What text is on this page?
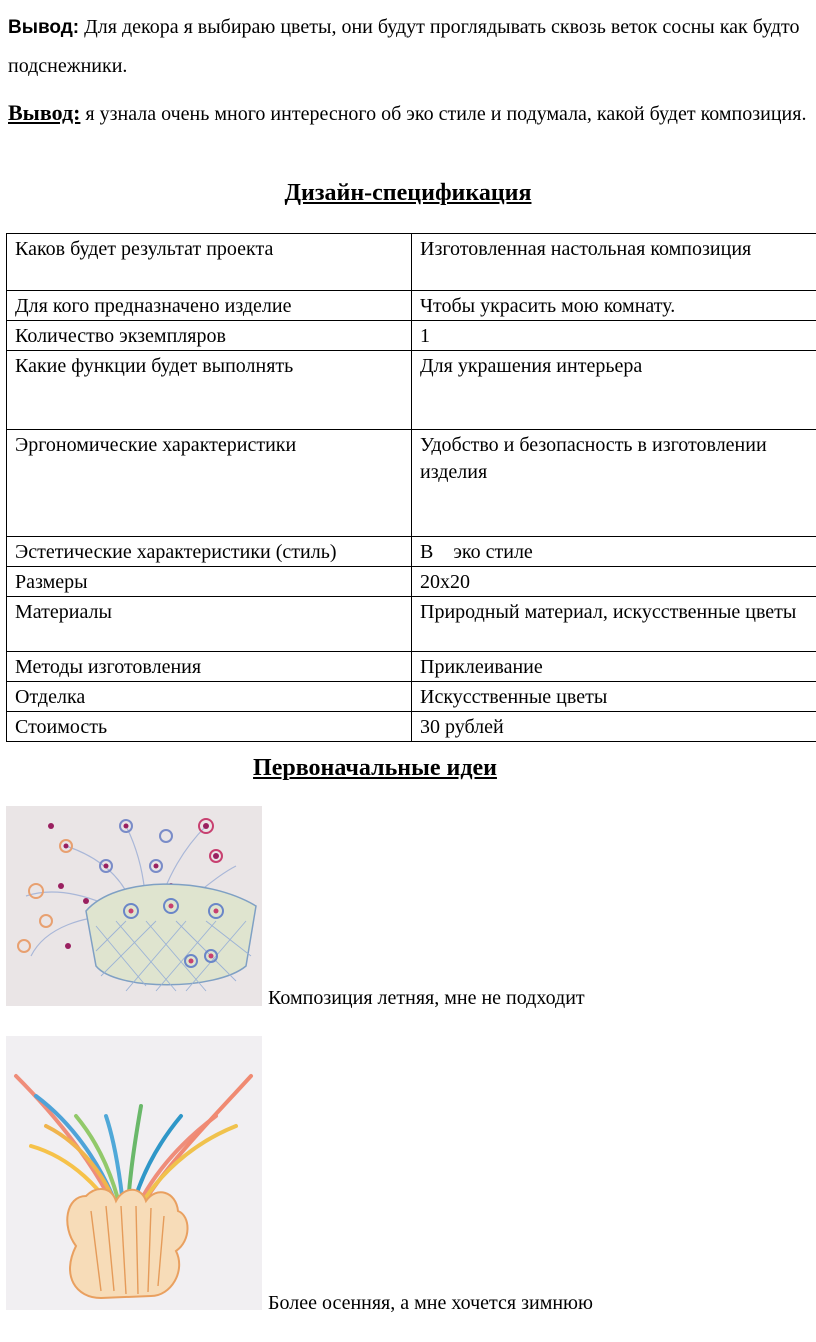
Вывод: Для декора я выбираю цветы, они будут проглядывать сквозь веток сосны как будто подснежники.
Вывод: я узнала очень много интересного об эко стиле и подумала, какой будет композиция.
Дизайн-спецификация
Каков будет результат проекта	Изготовленная настольная композиция
Для кого предназначено изделие	Чтобы украсить мою комнату.
Количество экземпляров	1
Какие функции будет выполнять	Для украшения интерьера
Эргономические характеристики	Удобство и безопасность в изготовлении изделия
Эстетические характеристики (стиль)	В    эко стиле
Размеры	20х20
Материалы	Природный материал, искусственные цветы
Методы изготовления	Приклеивание
Отделка	Искусственные цветы
Стоимость	30 рублей
Первоначальные идеи
Композиция летняя, мне не подходит
Более осенняя, а мне хочется зимнюю
